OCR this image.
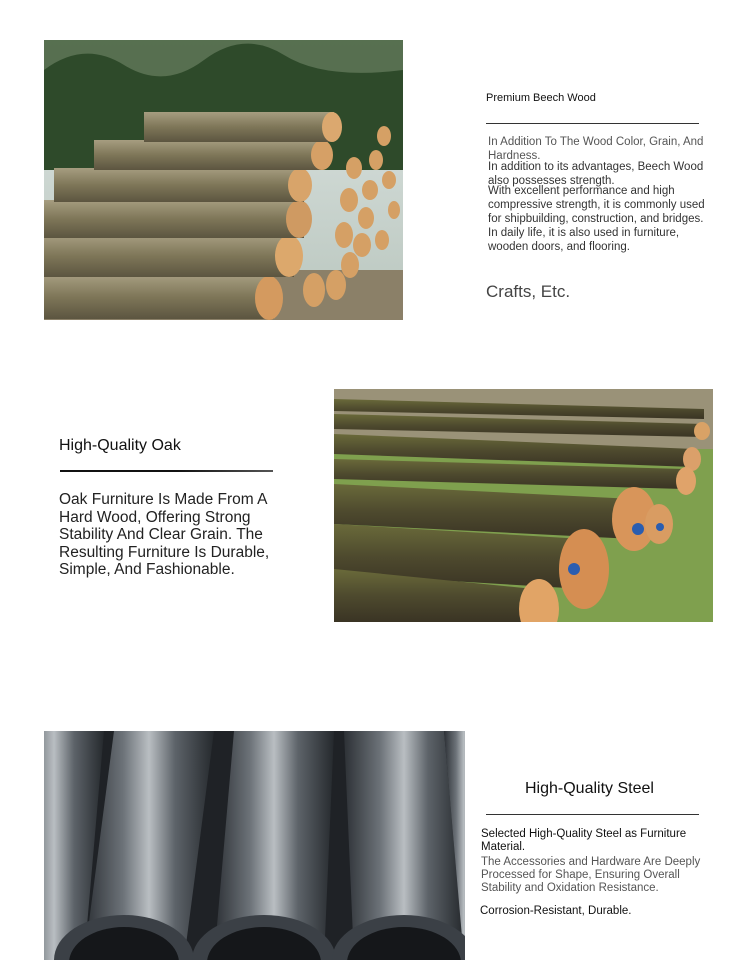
Premium Beech Wood
In Addition To The Wood Color, Grain, And Hardness.
In addition to its advantages, Beech Wood also possesses strength.
With excellent performance and high compressive strength, it is commonly used for shipbuilding, construction, and bridges. In daily life, it is also used in furniture, wooden doors, and flooring.
Crafts, Etc.
High-Quality Oak
Oak Furniture Is Made From A Hard Wood, Offering Strong Stability And Clear Grain. The Resulting Furniture Is Durable, Simple, And Fashionable.
High-Quality Steel
Selected High-Quality Steel as Furniture Material.
The Accessories and Hardware Are Deeply Processed for Shape, Ensuring Overall Stability and Oxidation Resistance.
Corrosion-Resistant, Durable.
